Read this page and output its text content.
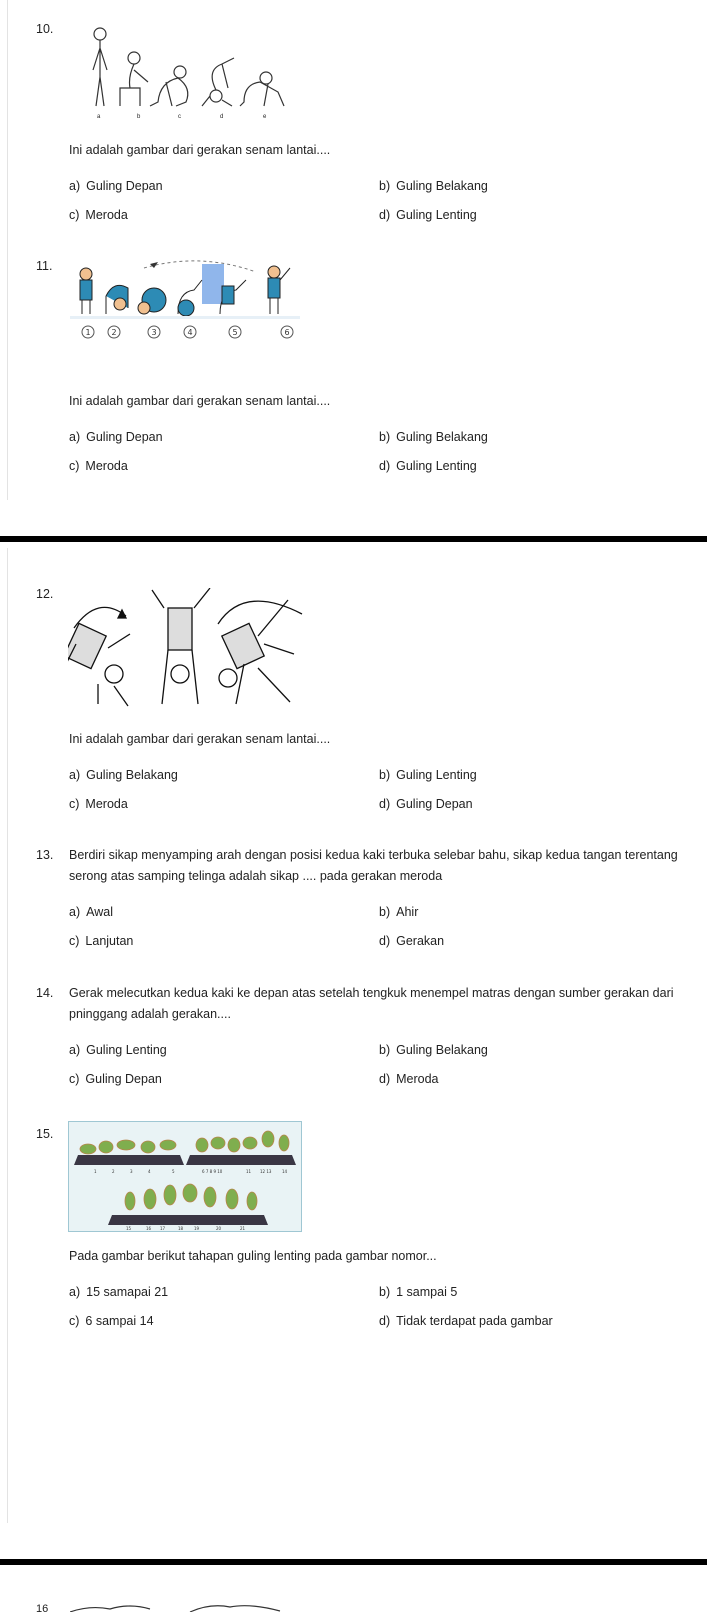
10.
a	b	c	d	e
Ini adalah gambar dari gerakan senam lantai....
a) Guling Depan	b) Guling Belakang
c) Meroda	d) Guling Lenting
11.
1	2	3	4	5	6
Ini adalah gambar dari gerakan senam lantai....
a) Guling Depan	b) Guling Belakang
c) Meroda	d) Guling Lenting
12.
Ini adalah gambar dari gerakan senam lantai....
a) Guling Belakang	b) Guling Lenting
c) Meroda	d) Guling Depan
13. Berdiri sikap menyamping arah dengan posisi kedua kaki terbuka selebar bahu, sikap kedua tangan terentang serong atas samping telinga adalah sikap .... pada gerakan meroda
a) Awal	b) Ahir
c) Lanjutan	d) Gerakan
14. Gerak melecutkan kedua kaki ke depan atas setelah tengkuk menempel matras dengan sumber gerakan dari pninggang adalah gerakan....
a) Guling Lenting	b) Guling Belakang
c) Guling Depan	d) Meroda
15.
1	2	3	4	5	6 7 8 9 10	11 12 13	14
15	16 17	18	19	20	21
Pada gambar berikut tahapan guling lenting pada gambar nomor...
a) 15 samapai 21	b) 1 sampai 5
c) 6 sampai 14	d) Tidak terdapat pada gambar
16
